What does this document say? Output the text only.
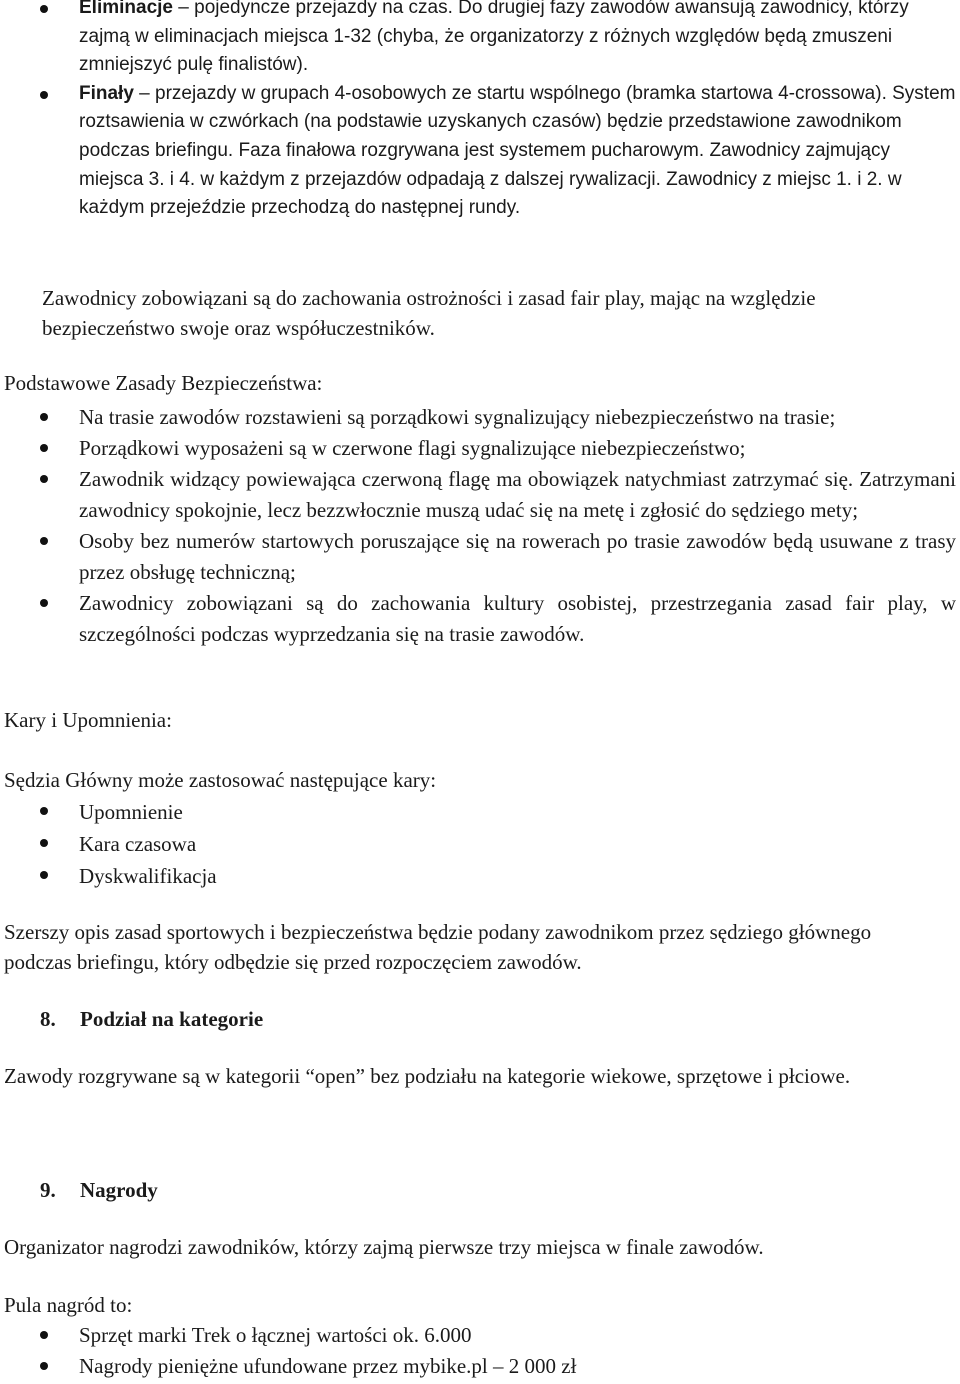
Eliminacje – pojedyncze przejazdy na czas. Do drugiej fazy zawodów awansują zawodnicy, którzy zajmą w eliminacjach miejsca 1-32 (chyba, że organizatorzy z różnych względów będą zmuszeni zmniejszyć pulę finalistów).
Finały – przejazdy w grupach 4-osobowych ze startu wspólnego (bramka startowa 4-crossowa). System roztsawienia w czwórkach (na podstawie uzyskanych czasów) będzie przedstawione zawodnikom podczas briefingu. Faza finałowa rozgrywana jest systemem pucharowym. Zawodnicy zajmujący miejsca 3. i 4. w każdym z przejazdów odpadają z dalszej rywalizacji. Zawodnicy z miejsc 1. i 2. w każdym przejeździe przechodzą do następnej rundy.

Zawodnicy zobowiązani są do zachowania ostrożności i zasad fair play, mając na względzie bezpieczeństwo swoje oraz współuczestników.

Podstawowe Zasady Bezpieczeństwa:

Na trasie zawodów rozstawieni są porządkowi sygnalizujący niebezpieczeństwo na trasie;
Porządkowi wyposażeni są w czerwone flagi sygnalizujące niebezpieczeństwo;
Zawodnik widzący powiewająca czerwoną flagę ma obowiązek natychmiast zatrzymać się. Zatrzymani zawodnicy spokojnie, lecz bezzwłocznie muszą udać się na metę i zgłosić do sędziego mety;
Osoby bez numerów startowych poruszające się na rowerach po trasie zawodów będą usuwane z trasy przez obsługę techniczną;
Zawodnicy zobowiązani są do zachowania kultury osobistej, przestrzegania zasad fair play, w szczególności podczas wyprzedzania się na trasie zawodów.

Kary i Upomnienia:

Sędzia Główny może zastosować następujące kary:

Upomnienie
Kara czasowa
Dyskwalifikacja

Szerszy opis zasad sportowych i bezpieczeństwa będzie podany zawodnikom przez sędziego głównego podczas briefingu, który odbędzie się przed rozpoczęciem zawodów.

8. Podział na kategorie

Zawody rozgrywane są w kategorii “open” bez podziału na kategorie wiekowe, sprzętowe i płciowe.

9. Nagrody

Organizator nagrodzi zawodników, którzy zajmą pierwsze trzy miejsca w finale zawodów.

Pula nagród to:

Sprzęt marki Trek o łącznej wartości ok. 6.000
Nagrody pieniężne ufundowane przez mybike.pl – 2 000 zł
